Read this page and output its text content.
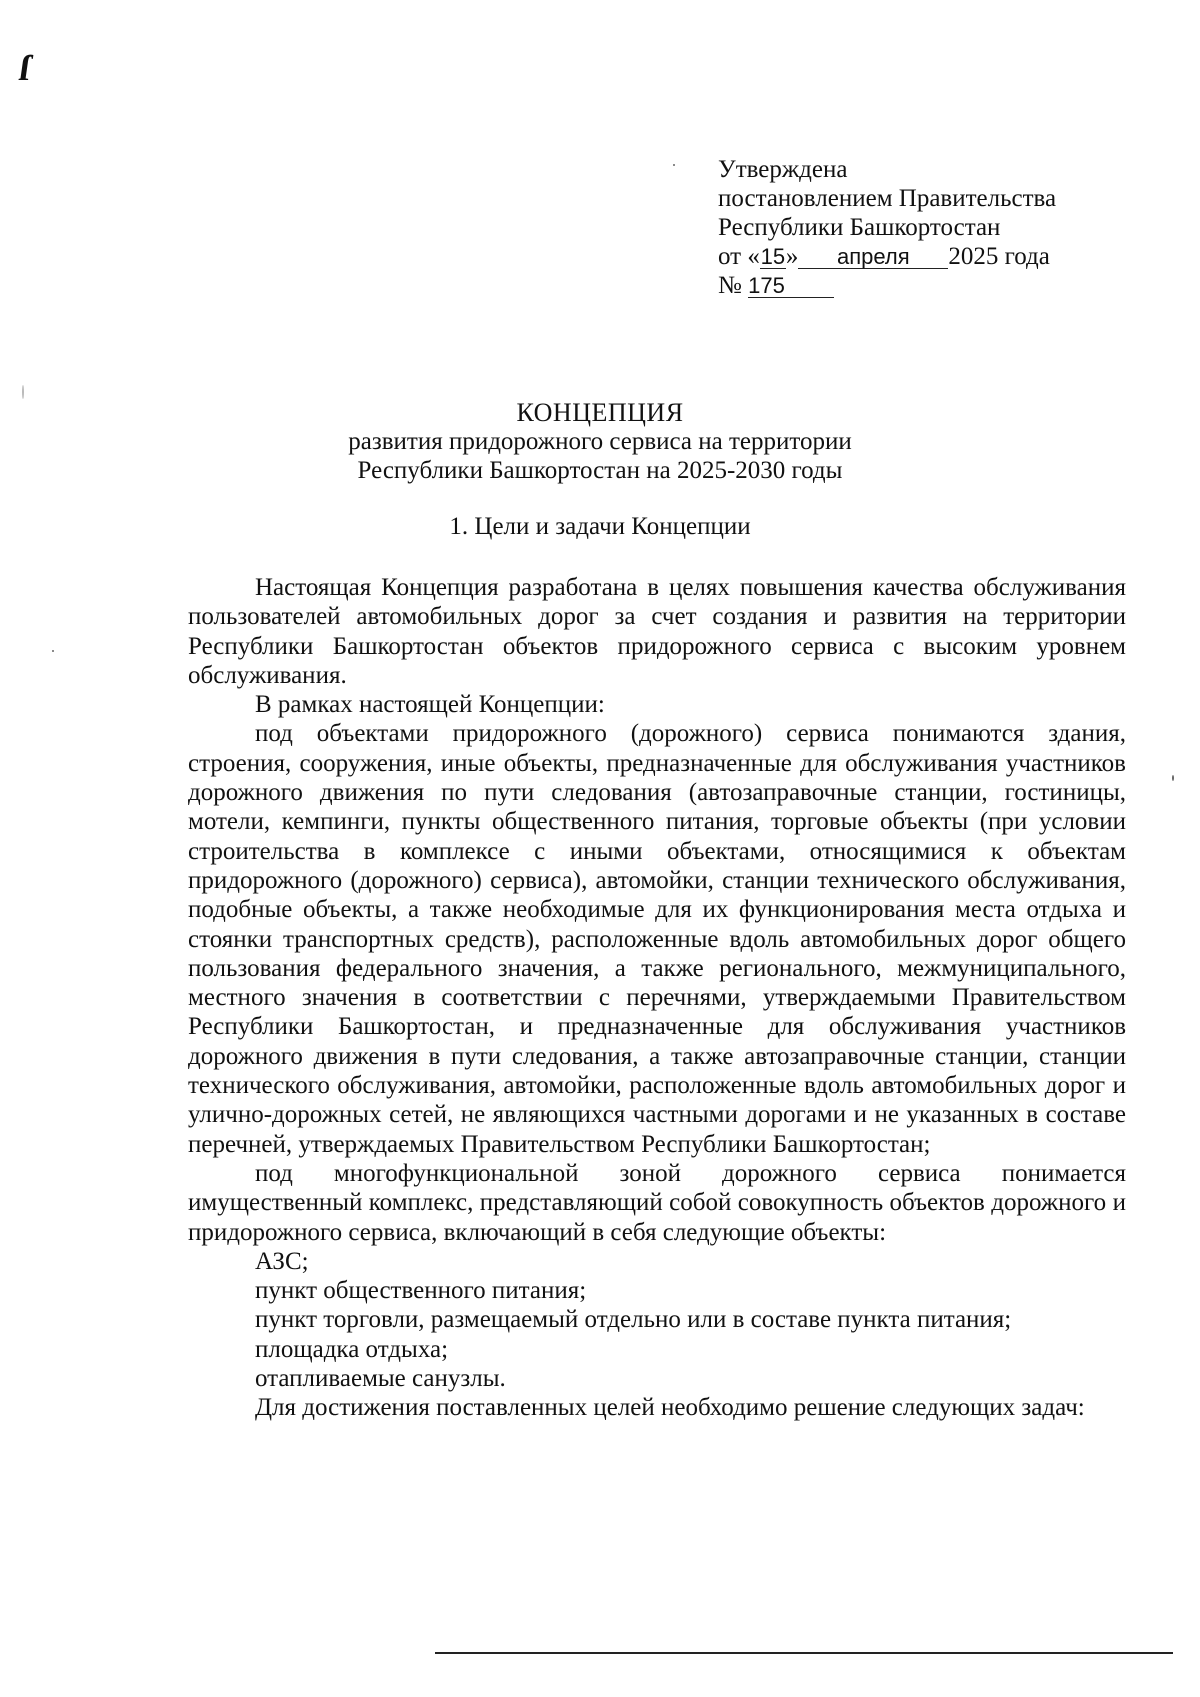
ſ
Утверждена
постановлением Правительства
Республики Башкортостан
от «15» апреля 2025 года
№ 175
КОНЦЕПЦИЯ
развития придорожного сервиса на территории
Республики Башкортостан на 2025-2030 годы
1. Цели и задачи Концепции

Настоящая Концепция разработана в целях повышения качества обслуживания пользователей автомобильных дорог за счет создания и развития на территории Республики Башкортостан объектов придорожного сервиса с высоким уровнем обслуживания.

В рамках настоящей Концепции:

под объектами придорожного (дорожного) сервиса понимаются здания, строения, сооружения, иные объекты, предназначенные для обслуживания участников дорожного движения по пути следования (автозаправочные станции, гостиницы, мотели, кемпинги, пункты общественного питания, торговые объекты (при условии строительства в комплексе с иными объектами, относящимися к объектам придорожного (дорожного) сервиса), автомойки, станции технического обслуживания, подобные объекты, а также необходимые для их функционирования места отдыха и стоянки транспортных средств), расположенные вдоль автомобильных дорог общего пользования федерального значения, а также регионального, межмуниципального, местного значения в соответствии с перечнями, утверждаемыми Правительством Республики Башкортостан, и предназначенные для обслуживания участников дорожного движения в пути следования, а также автозаправочные станции, станции технического обслуживания, автомойки, расположенные вдоль автомобильных дорог и улично-дорожных сетей, не являющихся частными дорогами и не указанных в составе перечней, утверждаемых Правительством Республики Башкортостан;

под многофункциональной зоной дорожного сервиса понимается имущественный комплекс, представляющий собой совокупность объектов дорожного и придорожного сервиса, включающий в себя следующие объекты:

АЗС;

пункт общественного питания;

пункт торговли, размещаемый отдельно или в составе пункта питания;

площадка отдыха;

отапливаемые санузлы.

Для достижения поставленных целей необходимо решение следующих задач:
